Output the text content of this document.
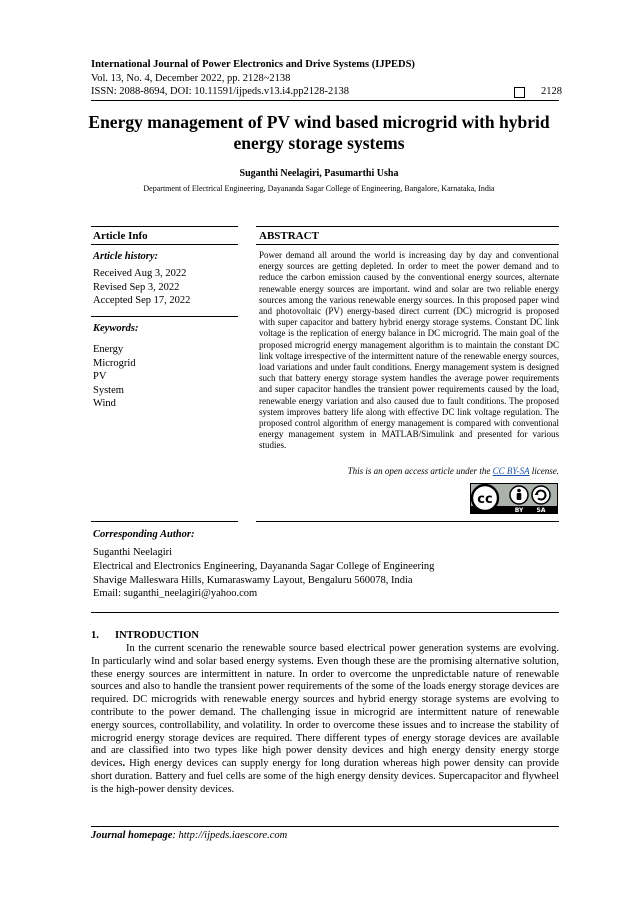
International Journal of Power Electronics and Drive Systems (IJPEDS)
Vol. 13, No. 4, December 2022, pp. 2128~2138
ISSN: 2088-8694, DOI: 10.11591/ijpeds.v13.i4.pp2128-2138	2128
Energy management of PV wind based microgrid with hybrid energy storage systems
Suganthi Neelagiri, Pasumarthi Usha
Department of Electrical Engineering, Dayananda Sagar College of Engineering, Bangalore, Karnataka, India
Article Info	ABSTRACT
Article history:
Received Aug 3, 2022
Revised Sep 3, 2022
Accepted Sep 17, 2022
Keywords:
Energy
Microgrid
PV
System
Wind
Power demand all around the world is increasing day by day and conventional energy sources are getting depleted. In order to meet the power demand and to reduce the carbon emission caused by the conventional energy sources, alternate renewable energy sources are important. wind and solar are two reliable energy sources among the various renewable energy sources. In this proposed paper wind and photovoltaic (PV) energy-based direct current (DC) microgrid is proposed with super capacitor and battery hybrid energy storage systems. Constant DC link voltage is the replication of energy balance in DC microgrid. The main goal of the proposed microgrid energy management algorithm is to maintain the constant DC link voltage irrespective of the intermittent nature of the renewable energy sources, load variations and under fault conditions. Energy management system is designed such that battery energy storage system handles the average power requirements and super capacitor handles the transient power requirements caused by the load, renewable energy variation and also caused due to fault conditions. The proposed system improves battery life along with effective DC link voltage regulation. The proposed control algorithm of energy management is compared with conventional energy management system in MATLAB/Simulink and presented for various studies.
This is an open access article under the CC BY-SA license.
cc
BY SA
Corresponding Author:
Suganthi Neelagiri
Electrical and Electronics Engineering, Dayananda Sagar College of Engineering
Shavige Malleswara Hills, Kumaraswamy Layout, Bengaluru 560078, India
Email: suganthi_neelagiri@yahoo.com
1. INTRODUCTION

In the current scenario the renewable source based electrical power generation systems are evolving. In particularly wind and solar based energy systems. Even though these are the promising alternative solution, these energy sources are intermittent in nature. In order to overcome the unpredictable nature of renewable sources and also to handle the transient power requirements of the some of the loads energy storage devices are required. DC microgrids with renewable energy sources and hybrid energy storage systems are evolving to contribute to the power demand. The challenging issue in microgrid are intermittent nature of renewable energy sources, controllability, and volatility. In order to overcome these issues and to increase the stability of microgrid energy storage devices are required. There different types of energy storage devices are available and are classified into two types like high power density devices and high energy density energy storge devices. High energy devices can supply energy for long duration whereas high power density can provide short duration. Battery and fuel cells are some of the high energy density devices. Supercapacitor and flywheel is the high-power density devices.

Journal homepage: http://ijpeds.iaescore.com
